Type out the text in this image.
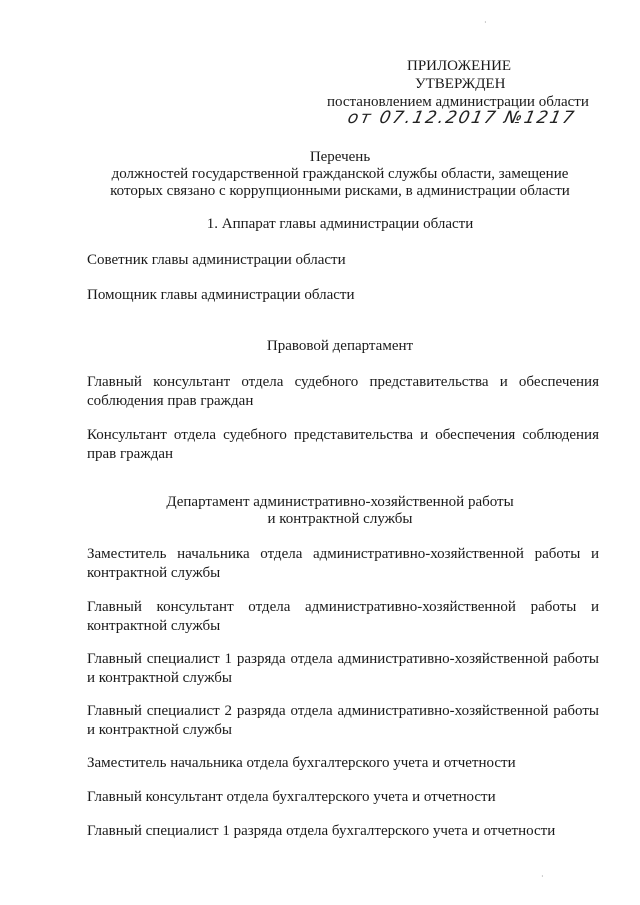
ПРИЛОЖЕНИЕ
УТВЕРЖДЕН
постановлением администрации области
от 07.12.2017 №1217
Перечень
должностей государственной гражданской службы области, замещение
которых связано с коррупционными рисками, в администрации области
1. Аппарат главы администрации области
Советник главы администрации области
Помощник главы администрации области
Правовой департамент
Главный консультант отдела судебного представительства и обеспечения соблюдения прав граждан
Консультант отдела судебного представительства и обеспечения соблюдения прав граждан
Департамент административно-хозяйственной работы
и контрактной службы
Заместитель начальника отдела административно-хозяйственной работы и контрактной службы
Главный консультант отдела административно-хозяйственной работы и контрактной службы
Главный специалист 1 разряда отдела административно-хозяйственной работы и контрактной службы
Главный специалист 2 разряда отдела административно-хозяйственной работы и контрактной службы
Заместитель начальника отдела бухгалтерского учета и отчетности
Главный консультант отдела бухгалтерского учета и отчетности
Главный специалист 1 разряда отдела бухгалтерского учета и отчетности
·
·
